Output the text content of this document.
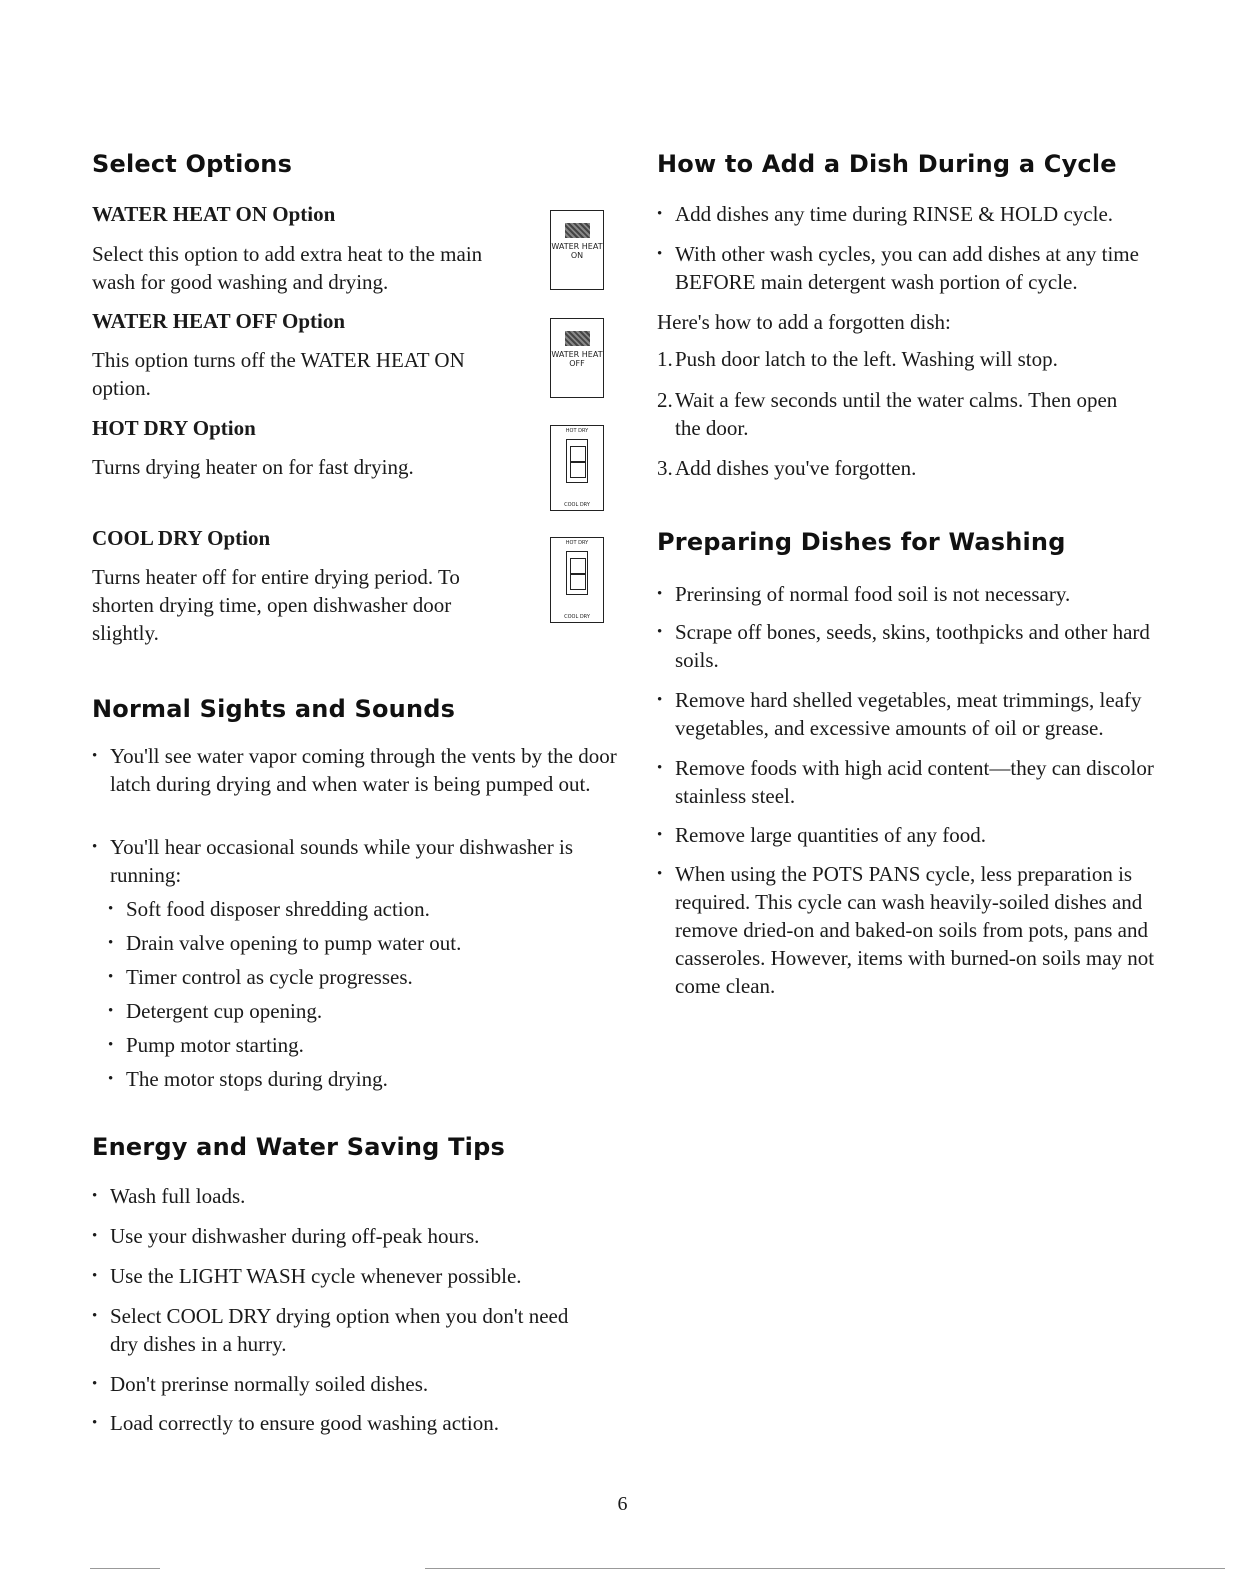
Select Options
WATER HEAT ON Option

Select this option to add extra heat to the main wash for good washing and drying.

WATER HEAT OFF Option

This option turns off the WATER HEAT ON option.

HOT DRY Option

Turns drying heater on for fast drying.

COOL DRY Option

Turns heater off for entire drying period. To shorten drying time, open dishwasher door slightly.

Normal Sights and Sounds

• You'll see water vapor coming through the vents by the door latch during drying and when water is being pumped out.

• You'll hear occasional sounds while your dishwasher is running:

• Soft food disposer shredding action.

• Drain valve opening to pump water out.

• Timer control as cycle progresses.

• Detergent cup opening.

• Pump motor starting.

• The motor stops during drying.

Energy and Water Saving Tips

• Wash full loads.

• Use your dishwasher during off-peak hours.

• Use the LIGHT WASH cycle whenever possible.

• Select COOL DRY drying option when you don't need dry dishes in a hurry.

• Don't prerinse normally soiled dishes.

• Load correctly to ensure good washing action.

WATER HEAT ON
WATER HEAT OFF
HOT DRY
COOL DRY
HOT DRY
COOL DRY
How to Add a Dish During a Cycle

• Add dishes any time during RINSE & HOLD cycle.

• With other wash cycles, you can add dishes at any time BEFORE main detergent wash portion of cycle.

Here's how to add a forgotten dish:

1. Push door latch to the left. Washing will stop.

2. Wait a few seconds until the water calms. Then open the door.

3. Add dishes you've forgotten.

Preparing Dishes for Washing

• Prerinsing of normal food soil is not necessary.

• Scrape off bones, seeds, skins, toothpicks and other hard soils.

• Remove hard shelled vegetables, meat trimmings, leafy vegetables, and excessive amounts of oil or grease.

• Remove foods with high acid content—they can discolor stainless steel.

• Remove large quantities of any food.

• When using the POTS PANS cycle, less preparation is required. This cycle can wash heavily-soiled dishes and remove dried-on and baked-on soils from pots, pans and casseroles. However, items with burned-on soils may not come clean.

6
